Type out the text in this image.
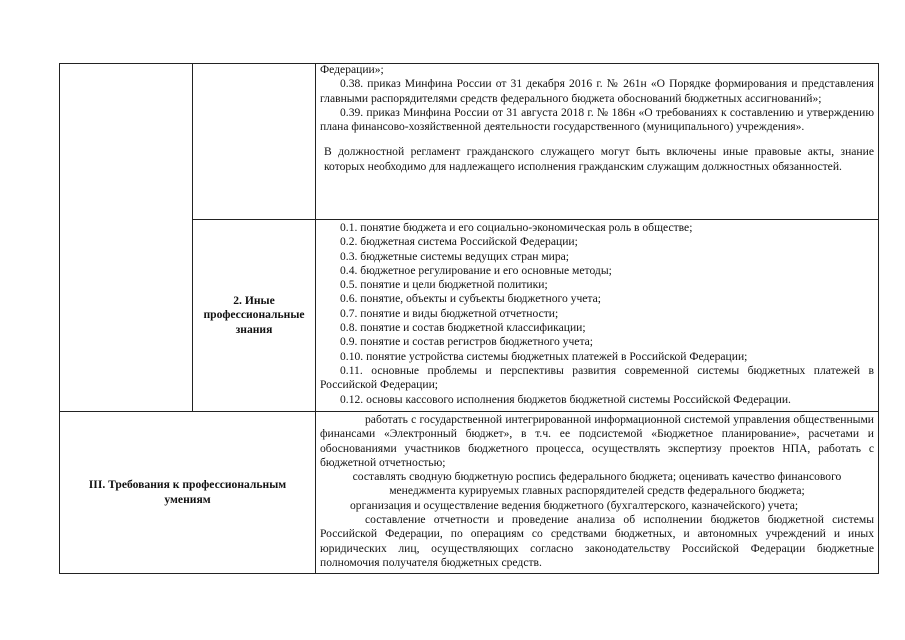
Федерации»;

0.38. приказ Минфина России от 31 декабря 2016 г. № 261н «О Порядке формирования и представления главными распорядителями средств федерального бюджета обоснований бюджетных ассигнований»;

0.39. приказ Минфина России от 31 августа 2018 г. № 186н «О требованиях к составлению и утверждению плана финансово-хозяйственной деятельности государственного (муниципального) учреждения».

В должностной регламент гражданского служащего могут быть включены иные правовые акты, знание которых необходимо для надлежащего исполнения гражданским служащим должностных обязанностей.

2. Иные профессиональные знания
0.1. понятие бюджета и его социально-экономическая роль в обществе;
0.2. бюджетная система Российской Федерации;
0.3. бюджетные системы ведущих стран мира;
0.4. бюджетное регулирование и его основные методы;
0.5. понятие и цели бюджетной политики;
0.6. понятие, объекты и субъекты бюджетного учета;
0.7. понятие и виды бюджетной отчетности;
0.8. понятие и состав бюджетной классификации;
0.9. понятие и состав регистров бюджетного учета;
0.10. понятие устройства системы бюджетных платежей в Российской Федерации;
0.11. основные проблемы и перспективы развития современной системы бюджетных платежей в Российской Федерации;
0.12. основы кассового исполнения бюджетов бюджетной системы Российской Федерации.
III. Требования к профессиональным умениям

работать с государственной интегрированной информационной системой управления общественными финансами «Электронный бюджет», в т.ч. ее подсистемой «Бюджетное планирование», расчетами и обоснованиями участников бюджетного процесса, осуществлять экспертизу проектов НПА, работать с бюджетной отчетностью;

составлять сводную бюджетную роспись федерального бюджета; оценивать качество финансового менеджмента курируемых главных распорядителей средств федерального бюджета;

организация и осуществление ведения бюджетного (бухгалтерского, казначейского) учета;

составление отчетности и проведение анализа об исполнении бюджетов бюджетной системы Российской Федерации, по операциям со средствами бюджетных, и автономных учреждений и иных юридических лиц, осуществляющих согласно законодательству Российской Федерации бюджетные полномочия получателя бюджетных средств.
